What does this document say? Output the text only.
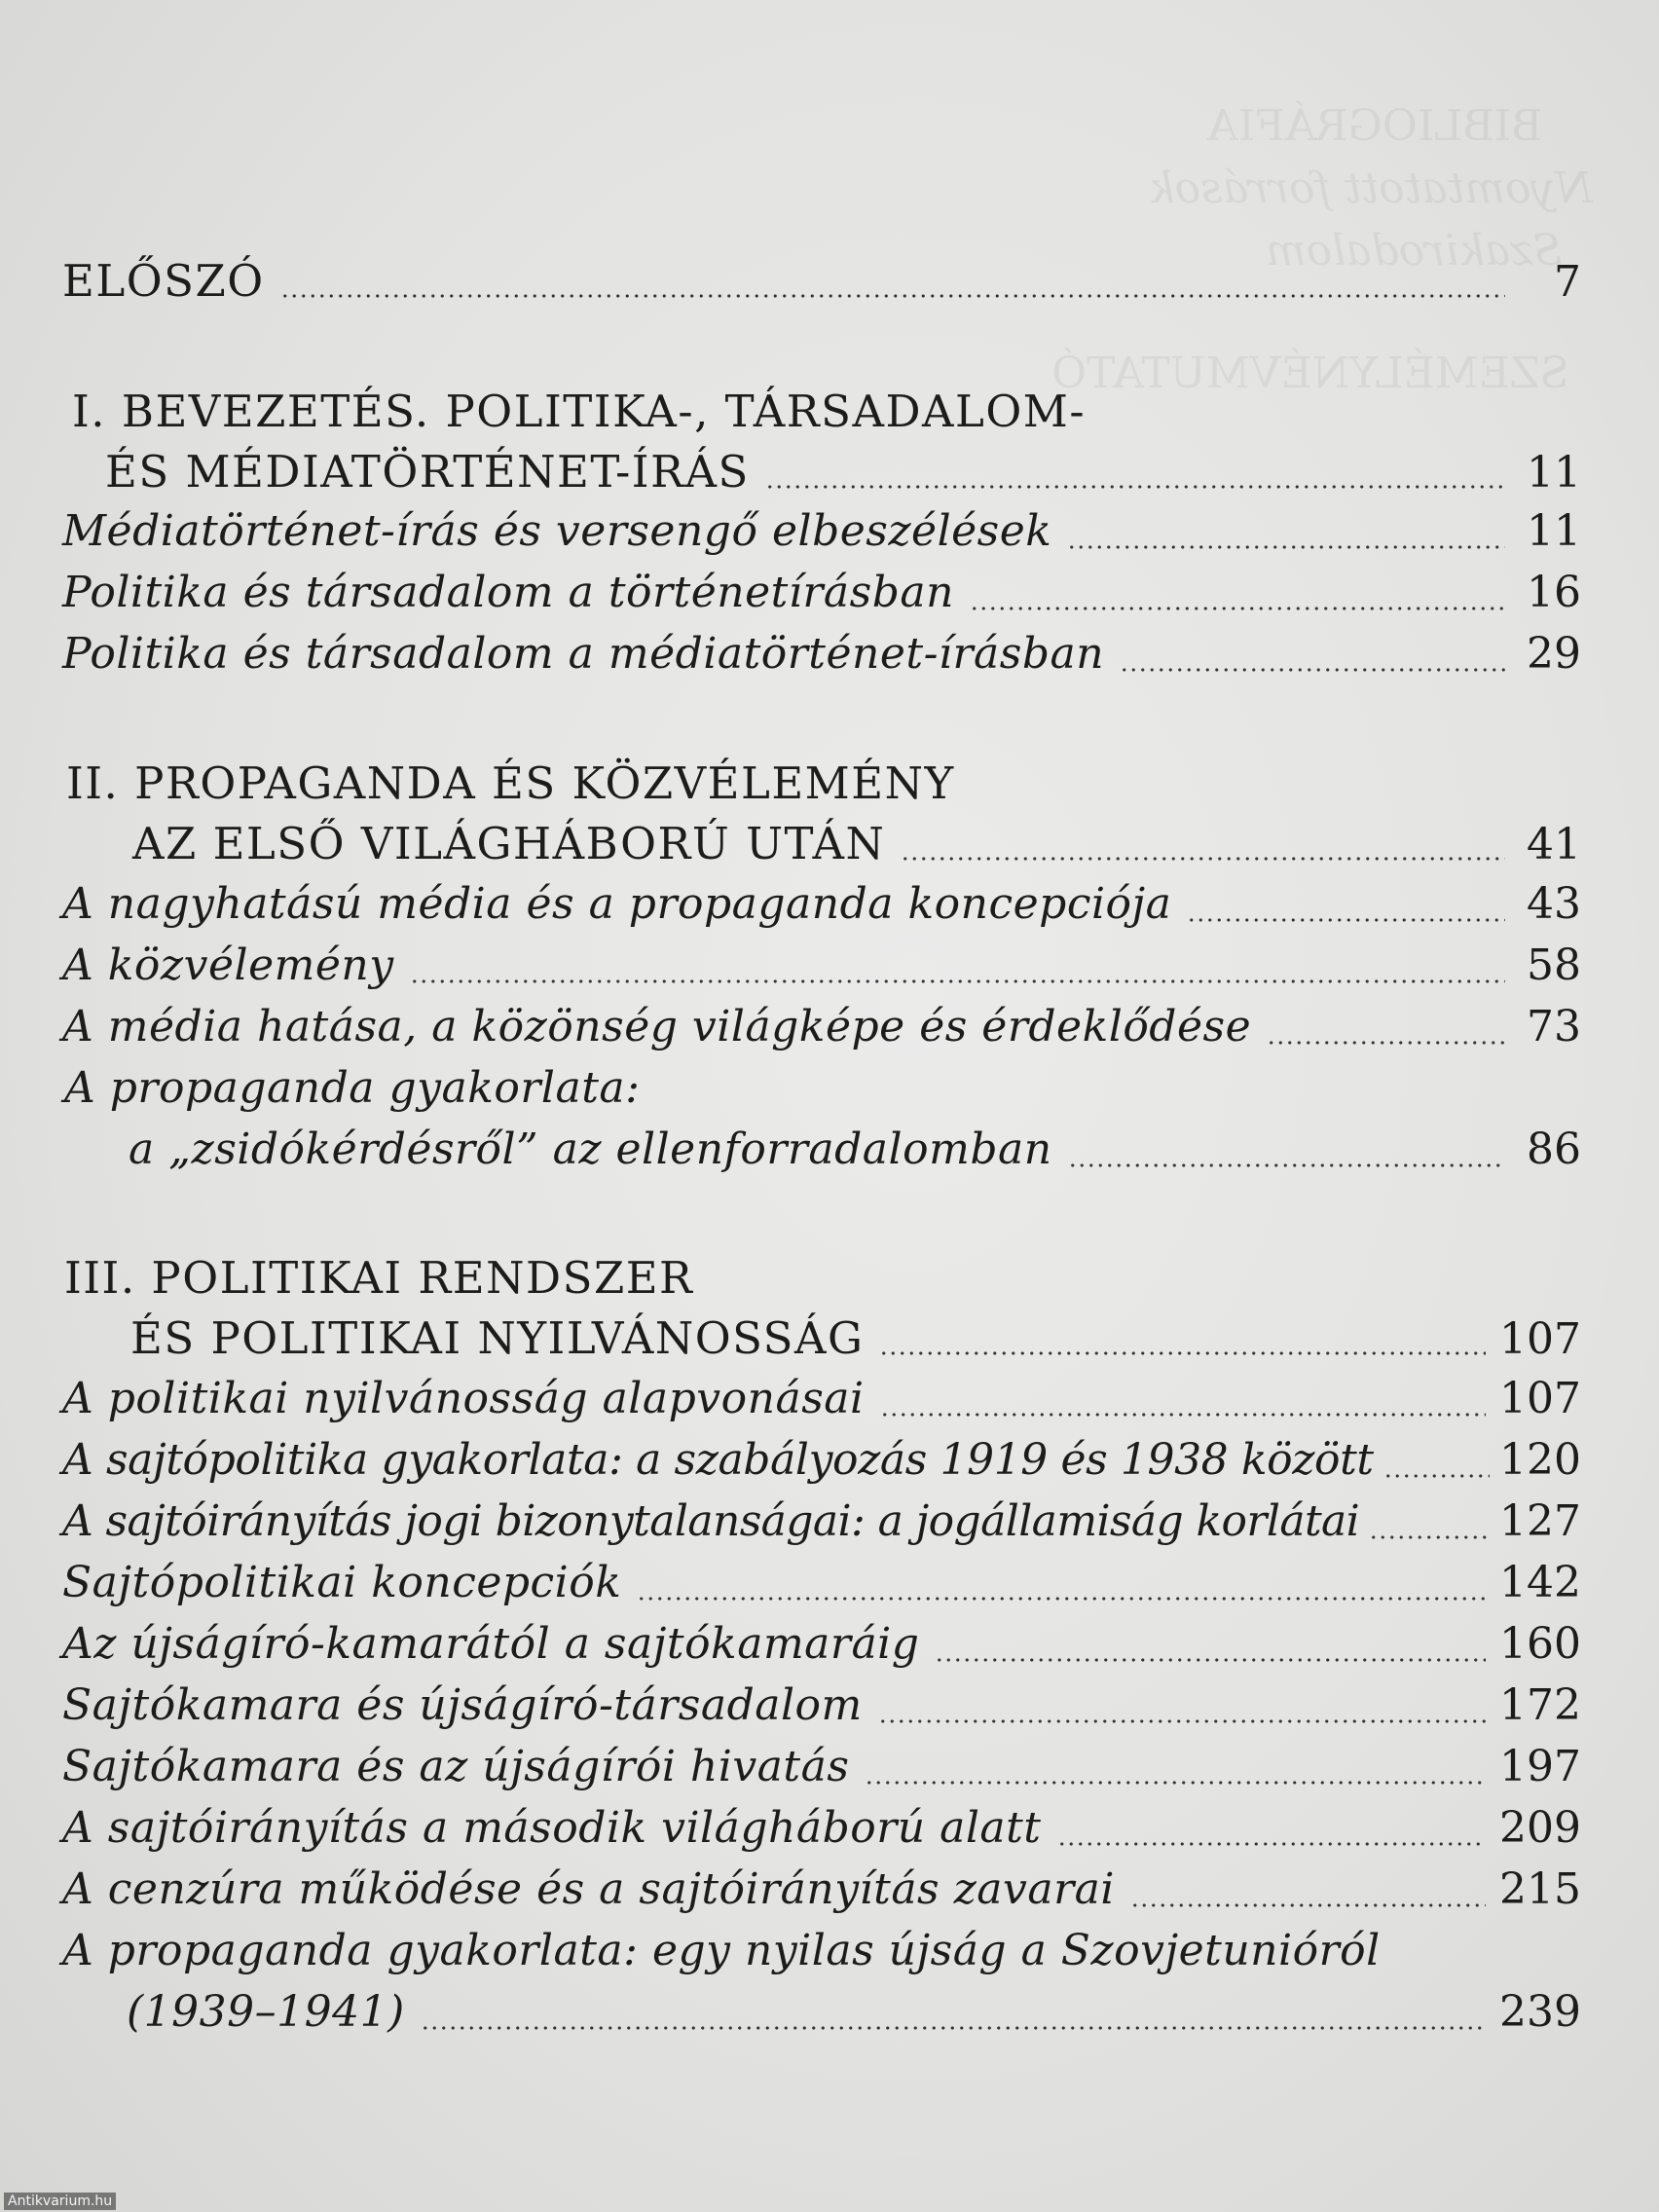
BIBLIOGRÁFIA
Nyomtatott források
Szakirodalom
SZEMÉLYNÉVMUTATÓ
ELŐSZÓ	7
I. BEVEZETÉS. POLITIKA-, TÁRSADALOM-
ÉS MÉDIATÖRTÉNET-ÍRÁS	11
Médiatörténet-írás és versengő elbeszélések	11
Politika és társadalom a történetírásban	16
Politika és társadalom a médiatörténet-írásban	29
II. PROPAGANDA ÉS KÖZVÉLEMÉNY
AZ ELSŐ VILÁGHÁBORÚ UTÁN	41
A nagyhatású média és a propaganda koncepciója	43
A közvélemény	58
A média hatása, a közönség világképe és érdeklődése	73
A propaganda gyakorlata:
a „zsidókérdésről” az ellenforradalomban	86
III. POLITIKAI RENDSZER
ÉS POLITIKAI NYILVÁNOSSÁG	107
A politikai nyilvánosság alapvonásai	107
A sajtópolitika gyakorlata: a szabályozás 1919 és 1938 között	120
A sajtóirányítás jogi bizonytalanságai: a jogállamiság korlátai	127
Sajtópolitikai koncepciók	142
Az újságíró-kamarától a sajtókamaráig	160
Sajtókamara és újságíró-társadalom	172
Sajtókamara és az újságírói hivatás	197
A sajtóirányítás a második világháború alatt	209
A cenzúra működése és a sajtóirányítás zavarai	215
A propaganda gyakorlata: egy nyilas újság a Szovjetunióról
(1939–1941)	239
Antikvarium.hu
